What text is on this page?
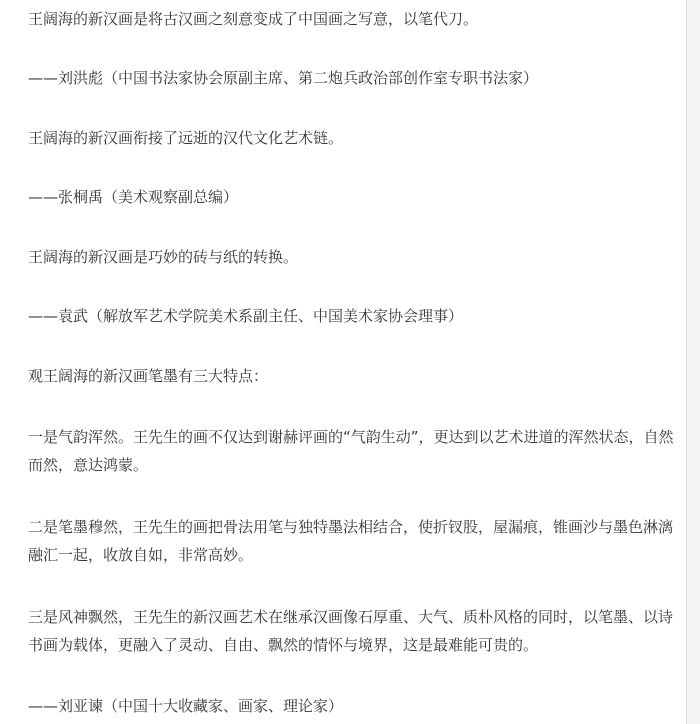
王阔海的新汉画是将古汉画之刻意变成了中国画之写意，以笔代刀。

——刘洪彪（中国书法家协会原副主席、第二炮兵政治部创作室专职书法家）

王阔海的新汉画衔接了远逝的汉代文化艺术链。

——张桐禹（美术观察副总编）

王阔海的新汉画是巧妙的砖与纸的转换。

——袁武（解放军艺术学院美术系副主任、中国美术家协会理事）

观王阔海的新汉画笔墨有三大特点：

一是气韵浑然。王先生的画不仅达到谢赫评画的“气韵生动”，更达到以艺术进道的浑然状态，自然而然，意达鸿蒙。

二是笔墨穆然，王先生的画把骨法用笔与独特墨法相结合，使折钗股，屋漏痕，锥画沙与墨色淋漓融汇一起，收放自如，非常高妙。

三是风神飘然，王先生的新汉画艺术在继承汉画像石厚重、大气、质朴风格的同时，以笔墨、以诗书画为载体，更融入了灵动、自由、飘然的情怀与境界，这是最难能可贵的。

——刘亚谏（中国十大收藏家、画家、理论家）
